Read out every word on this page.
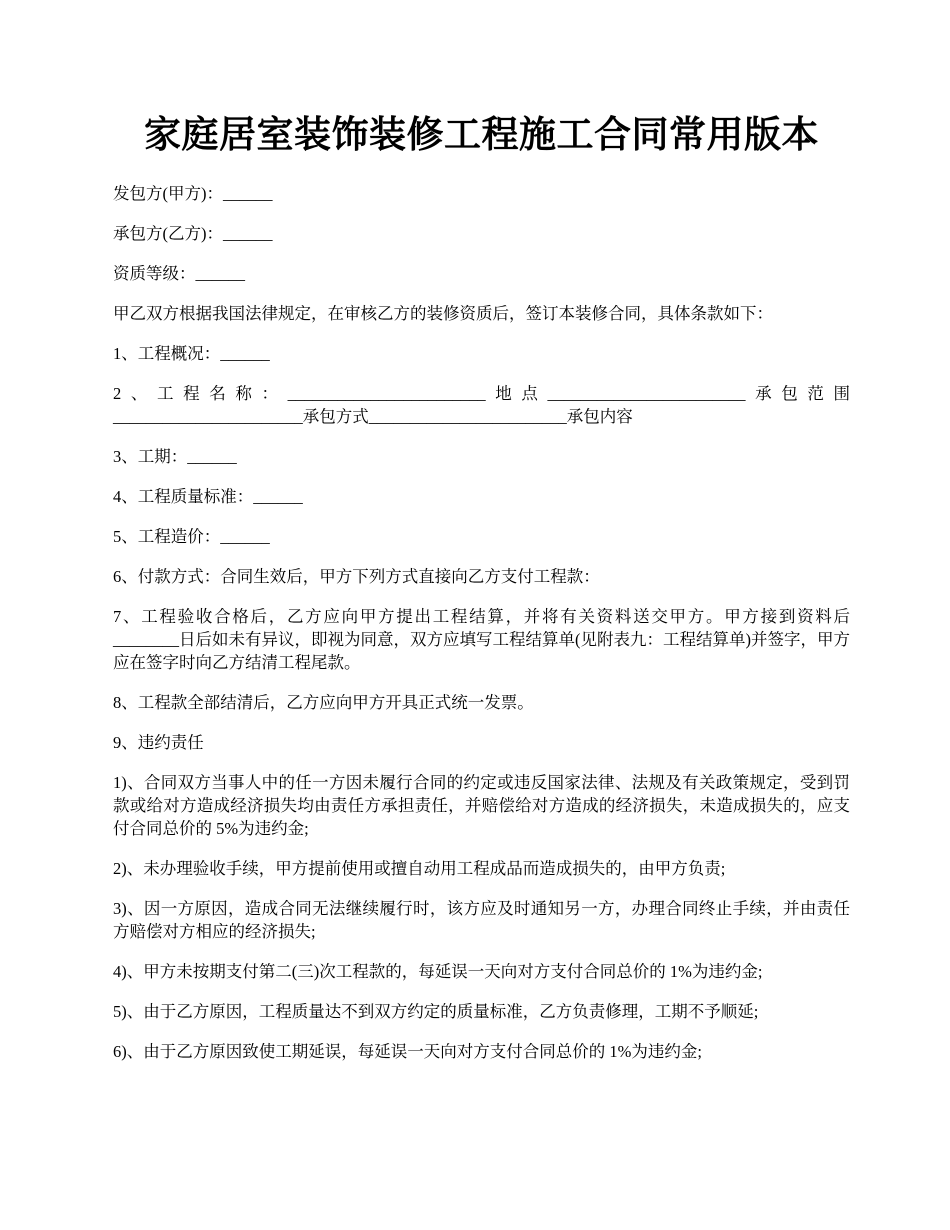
家庭居室装饰装修工程施工合同常用版本

发包方(甲方)：______

承包方(乙方)：______

资质等级：______

甲乙双方根据我国法律规定，在审核乙方的装修资质后，签订本装修合同，具体条款如下：

1、工程概况：______

2、工程名称：________________________地点________________________承包范围_______________________承包方式________________________承包内容

3、工期：______

4、工程质量标准：______

5、工程造价：______

6、付款方式：合同生效后，甲方下列方式直接向乙方支付工程款：

7、工程验收合格后，乙方应向甲方提出工程结算，并将有关资料送交甲方。甲方接到资料后 ________日后如未有异议，即视为同意，双方应填写工程结算单(见附表九：工程结算单)并签字，甲方应在签字时向乙方结清工程尾款。

8、工程款全部结清后，乙方应向甲方开具正式统一发票。

9、违约责任

1)、合同双方当事人中的任一方因未履行合同的约定或违反国家法律、法规及有关政策规定，受到罚款或给对方造成经济损失均由责任方承担责任，并赔偿给对方造成的经济损失，未造成损失的，应支付合同总价的 5%为违约金;

2)、未办理验收手续，甲方提前使用或擅自动用工程成品而造成损失的，由甲方负责;

3)、因一方原因，造成合同无法继续履行时，该方应及时通知另一方，办理合同终止手续，并由责任方赔偿对方相应的经济损失;

4)、甲方未按期支付第二(三)次工程款的，每延误一天向对方支付合同总价的 1%为违约金;

5)、由于乙方原因，工程质量达不到双方约定的质量标准，乙方负责修理，工期不予顺延;

6)、由于乙方原因致使工期延误，每延误一天向对方支付合同总价的 1%为违约金;
